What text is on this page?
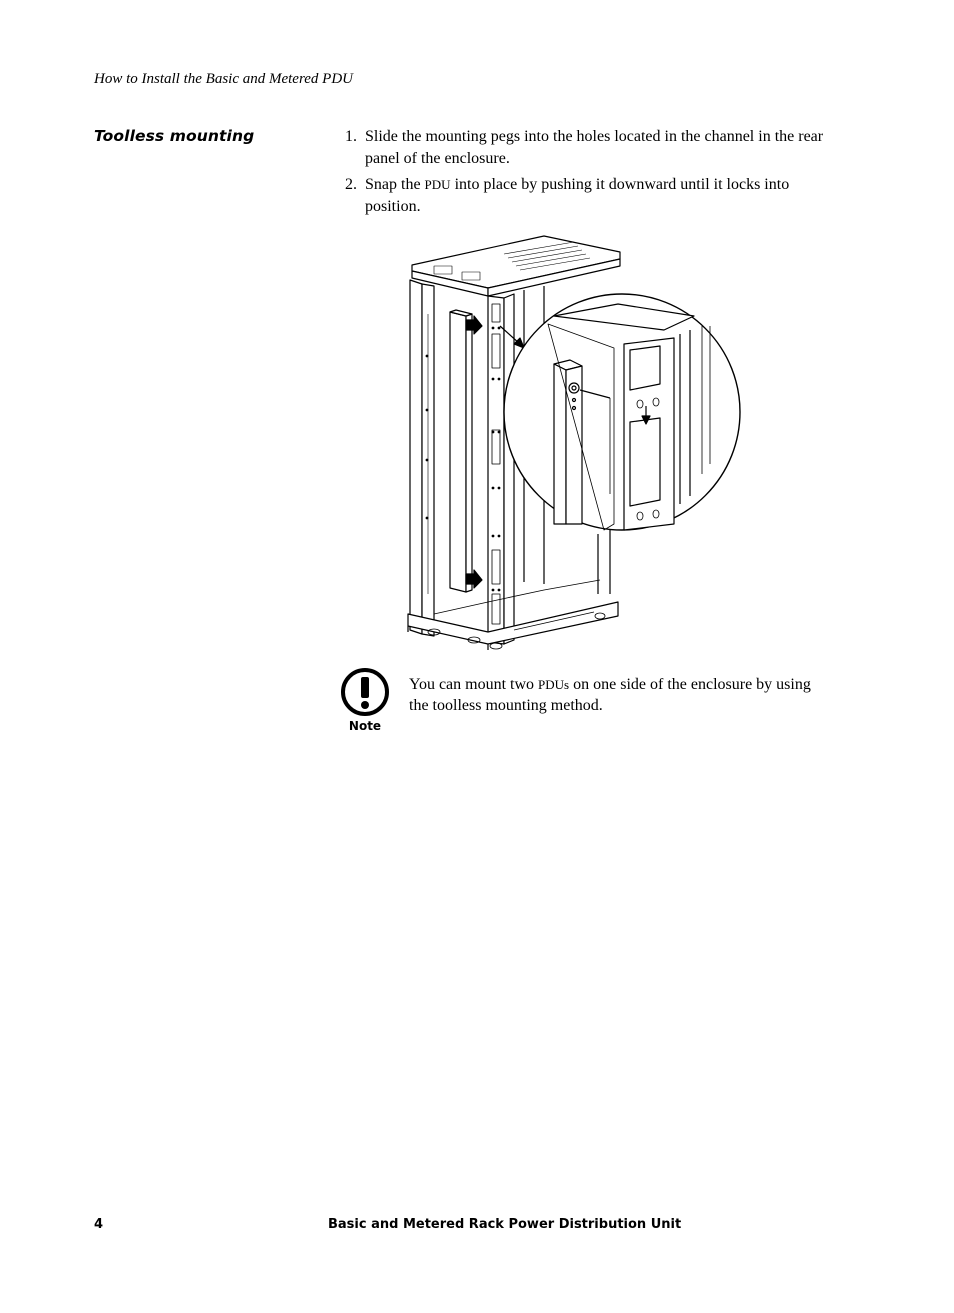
How to Install the Basic and Metered PDU
Toolless mounting	1. Slide the mounting pegs into the holes located in the channel in the rear panel of the enclosure.
2. Snap the PDU into place by pushing it downward until it locks into position.
Note
You can mount two PDUs on one side of the enclosure by using the toolless mounting method.
4	Basic and Metered Rack Power Distribution Unit
